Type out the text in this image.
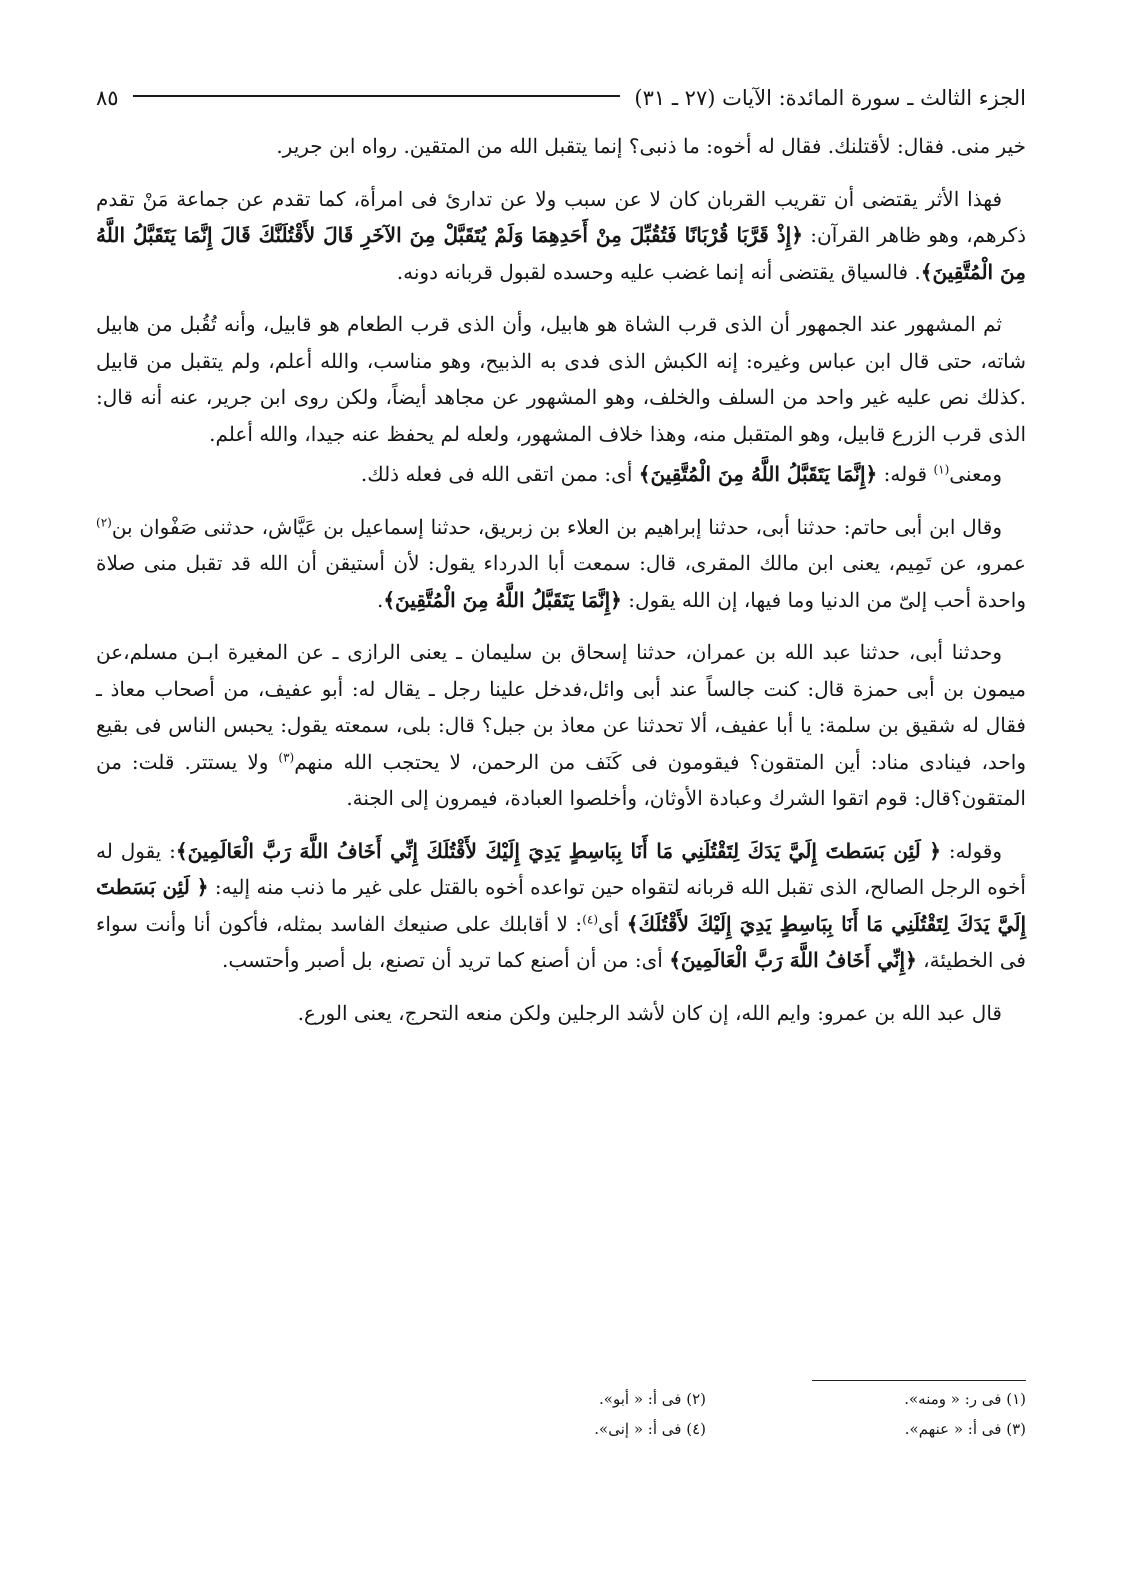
الجزء الثالث ـ سورة المائدة: الآيات (٢٧ ـ ٣١)
٨٥

خير منى. فقال: لأقتلنك. فقال له أخوه: ما ذنبى؟ إنما يتقبل الله من المتقين. رواه ابن جرير.

فهذا الأثر يقتضى أن تقريب القربان كان لا عن سبب ولا عن تدارئ فى امرأة، كما تقدم عن جماعة مَنْ تقدم ذكرهم، وهو ظاهر القرآن: ﴿إِذْ قَرَّبَا قُرْبَانًا فَتُقُبِّلَ مِنْ أَحَدِهِمَا وَلَمْ يُتَقَبَّلْ مِنَ الآخَرِ قَالَ لأَقْتُلَنَّكَ قَالَ إِنَّمَا يَتَقَبَّلُ اللَّهُ مِنَ الْمُتَّقِينَ﴾. فالسياق يقتضى أنه إنما غضب عليه وحسده لقبول قربانه دونه.

ثم المشهور عند الجمهور أن الذى قرب الشاة هو هابيل، وأن الذى قرب الطعام هو قابيل، وأنه تُقُبل من هابيل شاته، حتى قال ابن عباس وغيره: إنه الكبش الذى فدى به الذبيح، وهو مناسب، والله أعلم، ولم يتقبل من قابيل .كذلك نص عليه غير واحد من السلف والخلف، وهو المشهور عن مجاهد أيضاً، ولكن روى ابن جرير، عنه أنه قال: الذى قرب الزرع قابيل، وهو المتقبل منه، وهذا خلاف المشهور، ولعله لم يحفظ عنه جيدا، والله أعلم.

ومعنى$^{(١)}$ قوله: ﴿إِنَّمَا يَتَقَبَّلُ اللَّهُ مِنَ الْمُتَّقِينَ﴾ أى: ممن اتقى الله فى فعله ذلك.

وقال ابن أبى حاتم: حدثنا أبى، حدثنا إبراهيم بن العلاء بن زبريق، حدثنا إسماعيل بن عَيَّاش، حدثنى صَفْوان بن$^{(٢)}$ عمرو، عن تَمِيم، يعنى ابن مالك المقرى، قال: سمعت أبا الدرداء يقول: لأن أستيقن أن الله قد تقبل منى صلاة واحدة أحب إلىّ من الدنيا وما فيها، إن الله يقول: ﴿إِنَّمَا يَتَقَبَّلُ اللَّهُ مِنَ الْمُتَّقِينَ﴾.

وحدثنا أبى، حدثنا عبد الله بن عمران، حدثنا إسحاق بن سليمان ـ يعنى الرازى ـ عن المغيرة ابـن مسلم،عن ميمون بن أبى حمزة قال: كنت جالساً عند أبى وائل،فدخل علينا رجل ـ يقال له: أبو عفيف، من أصحاب معاذ ـ فقال له شقيق بن سلمة: يا أبا عفيف، ألا تحدثنا عن معاذ بن جبل؟ قال: بلى، سمعته يقول: يحبس الناس فى بقيع واحد، فينادى مناد: أين المتقون؟ فيقومون فى كَنَف من الرحمن، لا يحتجب الله منهم$^{(٣)}$ ولا يستتر. قلت: من المتقون؟قال: قوم اتقوا الشرك وعبادة الأوثان، وأخلصوا العبادة، فيمرون إلى الجنة.

وقوله: ﴿ لَئِن بَسَطتَ إِلَيَّ يَدَكَ لِتَقْتُلَنِي مَا أَنَا بِبَاسِطٍ يَدِيَ إِلَيْكَ لأَقْتُلَكَ إِنِّي أَخَافُ اللَّهَ رَبَّ الْعَالَمِينَ﴾: يقول له أخوه الرجل الصالح، الذى تقبل الله قربانه لتقواه حين تواعده أخوه بالقتل على غير ما ذنب منه إليه: ﴿ لَئِن بَسَطتَ إِلَيَّ يَدَكَ لِتَقْتُلَنِي مَا أَنَا بِبَاسِطٍ يَدِيَ إِلَيْكَ لأَقْتُلَكَ﴾ أى$^{(٤)}$: لا أقابلك على صنيعك الفاسد بمثله، فأكون أنا وأنت سواء فى الخطيئة، ﴿إِنِّي أَخَافُ اللَّهَ رَبَّ الْعَالَمِينَ﴾ أى: من أن أصنع كما تريد أن تصنع، بل أصبر وأحتسب.

قال عبد الله بن عمرو: وايم الله، إن كان لأشد الرجلين ولكن منعه التحرج، يعنى الورع.

(١) فى ر: « ومنه».
(٢) فى أ: « أبو».
(٣) فى أ: « عنهم».
(٤) فى أ: « إنى».
